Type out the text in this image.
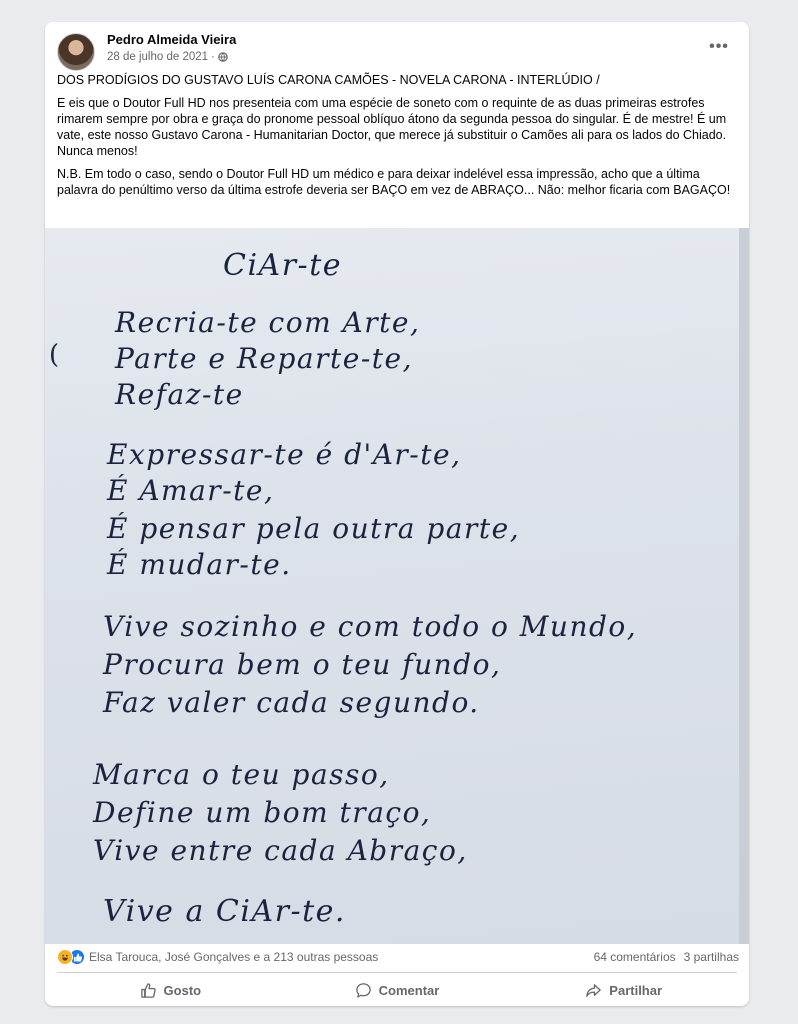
Pedro Almeida Vieira
28 de julho de 2021 ·
•••

DOS PRODÍGIOS DO GUSTAVO LUÍS CARONA CAMÕES - NOVELA CARONA - INTERLÚDIO /

E eis que o Doutor Full HD nos presenteia com uma espécie de soneto com o requinte de as duas primeiras estrofes rimarem sempre por obra e graça do pronome pessoal oblíquo átono da segunda pessoa do singular. É de mestre! É um vate, este nosso Gustavo Carona - Humanitarian Doctor, que merece já substituir o Camões ali para os lados do Chiado. Nunca menos!

N.B. Em todo o caso, sendo o Doutor Full HD um médico e para deixar indelével essa impressão, acho que a última palavra do penúltimo verso da última estrofe deveria ser BAÇO em vez de ABRAÇO... Não: melhor ficaria com BAGAÇO!

(
CiAr-te
Recria-te com Arte,
Parte e Reparte-te,
Refaz-te
Expressar-te é d'Ar-te,
É Amar-te,
É pensar pela outra parte,
É mudar-te.
Vive sozinho e com todo o Mundo,
Procura bem o teu fundo,
Faz valer cada segundo.
Marca o teu passo,
Define um bom traço,
Vive entre cada Abraço,
Vive a CiAr-te.
Elsa Tarouca, José Gonçalves e a 213 outras pessoas	64 comentários 3 partilhas
Gosto	Comentar	Partilhar
